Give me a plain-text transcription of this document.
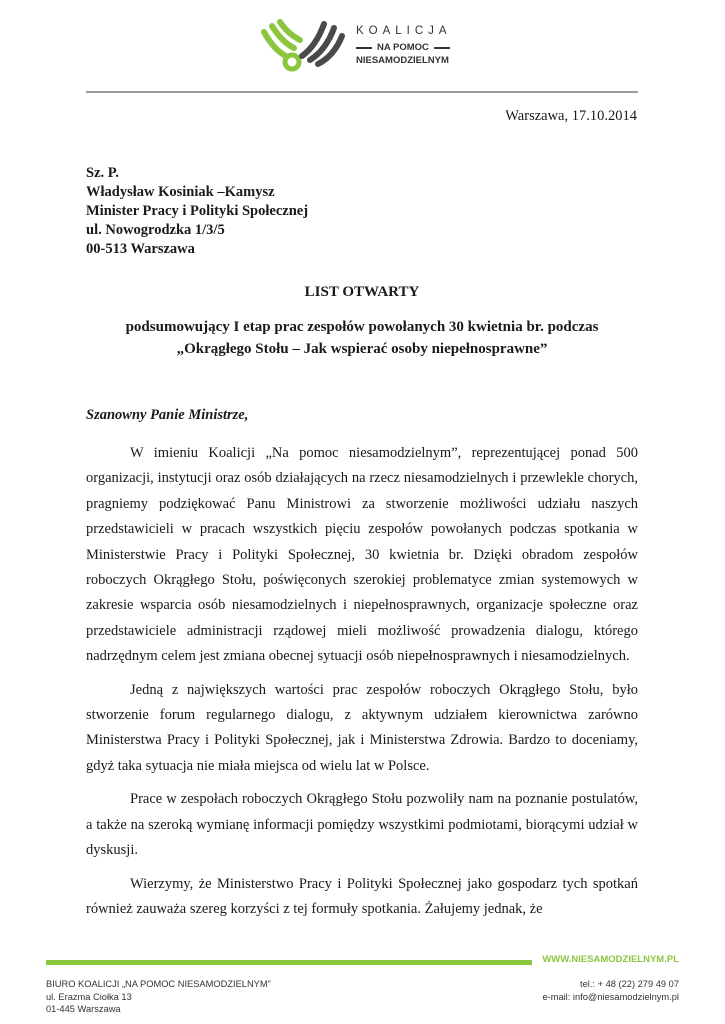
KOALICJA
NA POMOC
NIESAMODZIELNYM
Warszawa, 17.10.2014
Sz. P.
Władysław Kosiniak –Kamysz
Minister Pracy i Polityki Społecznej
ul. Nowogrodzka 1/3/5
00-513 Warszawa
LIST OTWARTY
podsumowujący I etap prac zespołów powołanych 30 kwietnia br. podczas
„Okrągłego Stołu – Jak wspierać osoby niepełnosprawne”
Szanowny Panie Ministrze,

W imieniu Koalicji „Na pomoc niesamodzielnym”, reprezentującej ponad 500 organizacji, instytucji oraz osób działających na rzecz niesamodzielnych i przewlekle chorych, pragniemy podziękować Panu Ministrowi za stworzenie możliwości udziału naszych przedstawicieli w pracach wszystkich pięciu zespołów powołanych podczas spotkania w Ministerstwie Pracy i Polityki Społecznej, 30 kwietnia br. Dzięki obradom zespołów roboczych Okrągłego Stołu, poświęconych szerokiej problematyce zmian systemowych w zakresie wsparcia osób niesamodzielnych i niepełnosprawnych, organizacje społeczne oraz przedstawiciele administracji rządowej mieli możliwość prowadzenia dialogu, którego nadrzędnym celem jest zmiana obecnej sytuacji osób niepełnosprawnych i niesamodzielnych.

Jedną z największych wartości prac zespołów roboczych Okrągłego Stołu, było stworzenie forum regularnego dialogu, z aktywnym udziałem kierownictwa zarówno Ministerstwa Pracy i Polityki Społecznej, jak i Ministerstwa Zdrowia. Bardzo to doceniamy, gdyż taka sytuacja nie miała miejsca od wielu lat w Polsce.

Prace w zespołach roboczych Okrągłego Stołu pozwoliły nam na poznanie postulatów, a także na szeroką wymianę informacji pomiędzy wszystkimi podmiotami, biorącymi udział w dyskusji.

Wierzymy, że Ministerstwo Pracy i Polityki Społecznej jako gospodarz tych spotkań również zauważa szereg korzyści z tej formuły spotkania. Żałujemy jednak, że

WWW.NIESAMODZIELNYM.PL
BIURO KOALICJI „NA POMOC NIESAMODZIELNYM”
ul. Erazma Ciołka 13
01-445 Warszawa
tel.: + 48 (22) 279 49 07
e-mail: info@niesamodzielnym.pl
